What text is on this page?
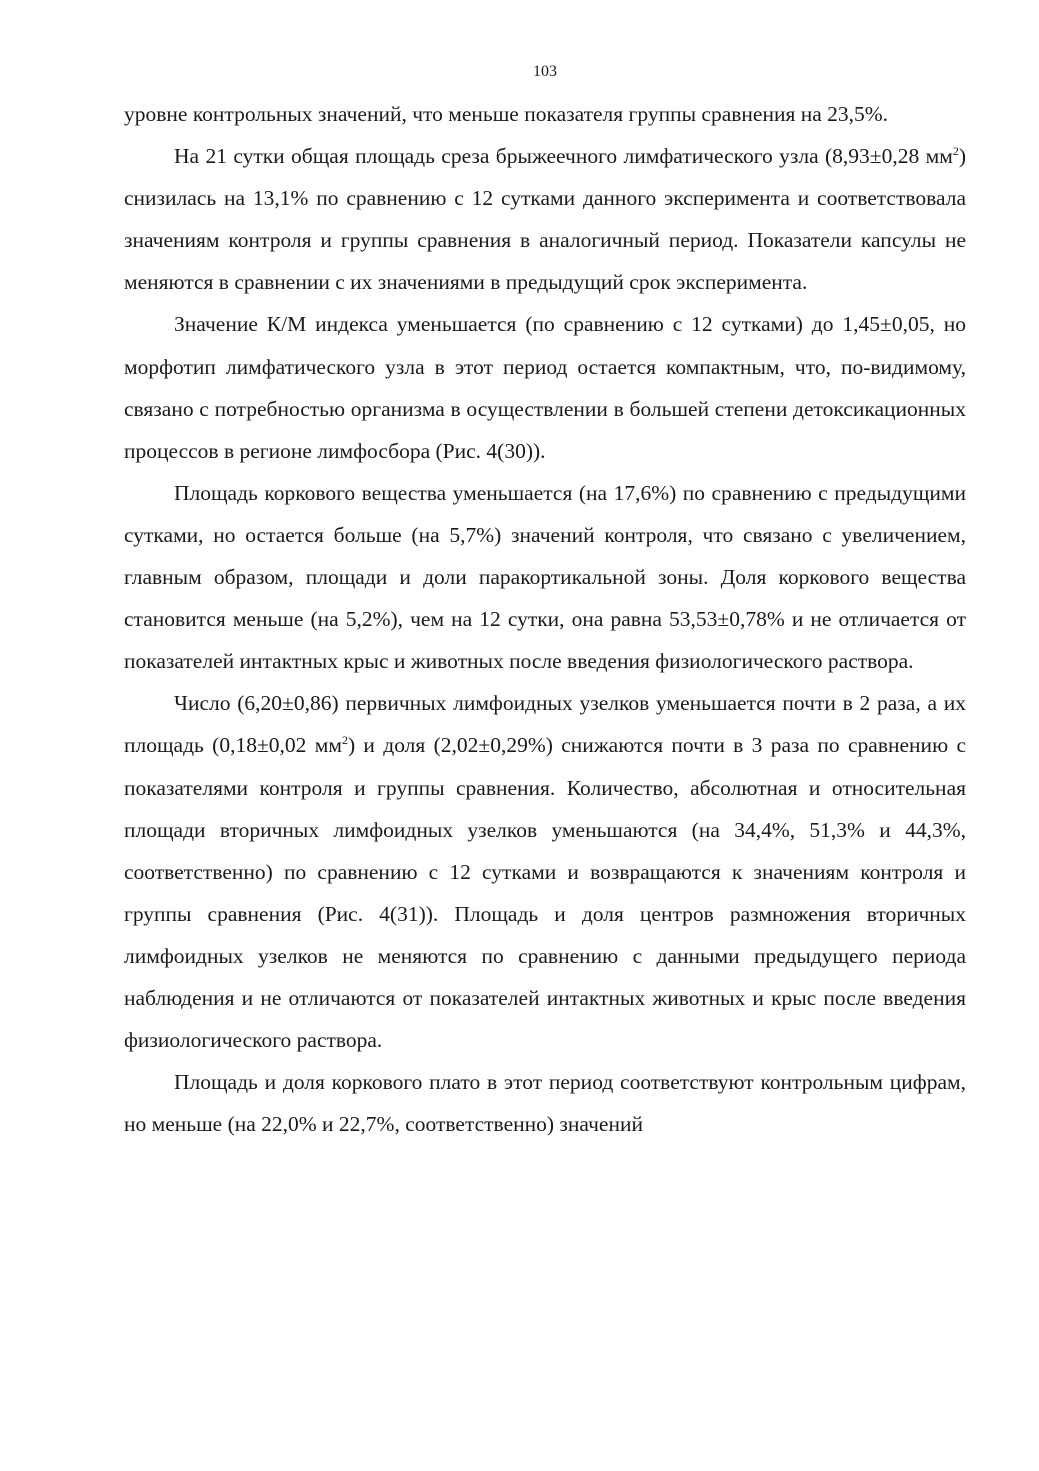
103

уровне контрольных значений, что меньше показателя группы сравнения на 23,5%.

На 21 сутки общая площадь среза брыжеечного лимфатического узла (8,93±0,28 $мм^2$) снизилась на 13,1% по сравнению с 12 сутками данного эксперимента и соответствовала значениям контроля и группы сравнения в аналогичный период. Показатели капсулы не меняются в сравнении с их значениями в предыдущий срок эксперимента.

Значение К/М индекса уменьшается (по сравнению с 12 сутками) до 1,45±0,05, но морфотип лимфатического узла в этот период остается компактным, что, по-видимому, связано с потребностью организма в осуществлении в большей степени детоксикационных процессов в регионе лимфосбора (Рис. 4(30)).

Площадь коркового вещества уменьшается (на 17,6%) по сравнению с предыдущими сутками, но остается больше (на 5,7%) значений контроля, что связано с увеличением, главным образом, площади и доли паракортикальной зоны. Доля коркового вещества становится меньше (на 5,2%), чем на 12 сутки, она равна 53,53±0,78% и не отличается от показателей интактных крыс и животных после введения физиологического раствора.

Число (6,20±0,86) первичных лимфоидных узелков уменьшается почти в 2 раза, а их площадь (0,18±0,02 $мм^2$) и доля (2,02±0,29%) снижаются почти в 3 раза по сравнению с показателями контроля и группы сравнения. Количество, абсолютная и относительная площади вторичных лимфоидных узелков уменьшаются (на 34,4%, 51,3% и 44,3%, соответственно) по сравнению с 12 сутками и возвращаются к значениям контроля и группы сравнения (Рис. 4(31)). Площадь и доля центров размножения вторичных лимфоидных узелков не меняются по сравнению с данными предыдущего периода наблюдения и не отличаются от показателей интактных животных и крыс после введения физиологического раствора.

Площадь и доля коркового плато в этот период соответствуют контрольным цифрам, но меньше (на 22,0% и 22,7%, соответственно) значений
